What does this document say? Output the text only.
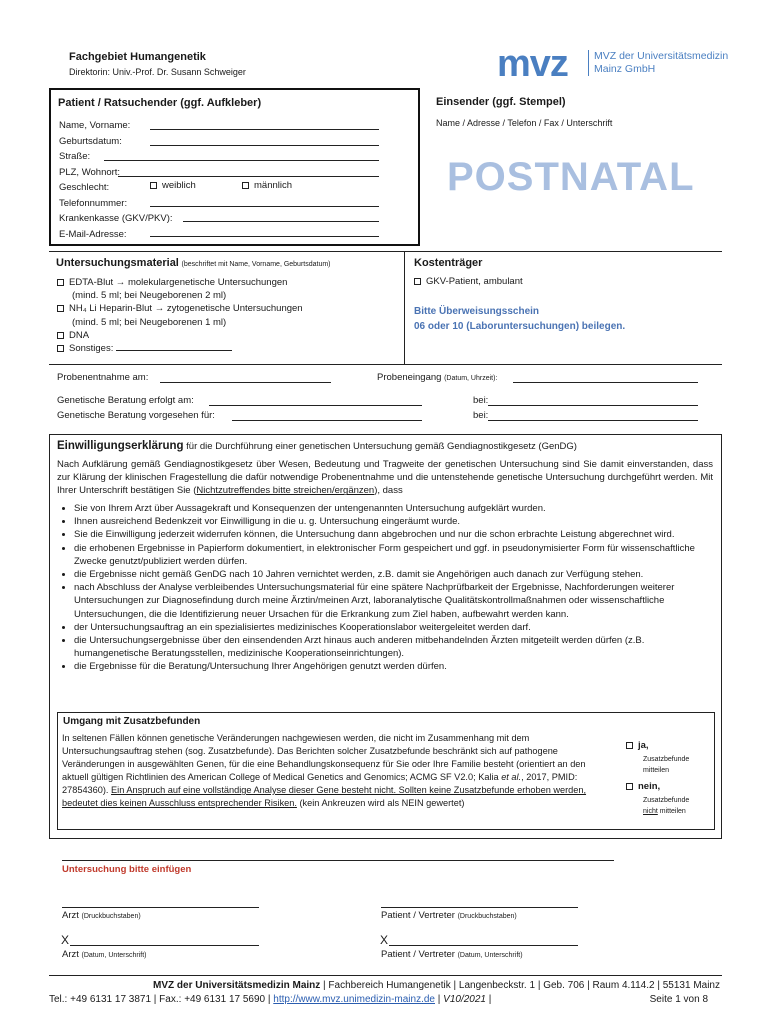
Fachgebiet Humangenetik
Direktorin: Univ.-Prof. Dr. Susann Schweiger	mvz MVZ der Universitätsmedizin
Mainz GmbH
Patient / Ratsuchender (ggf. Aufkleber)
Name, Vorname:
Geburtsdatum:
Straße:
PLZ, Wohnort:
Geschlecht:
Telefonnummer:
Krankenkasse (GKV/PKV):
E-Mail-Adresse:
weiblich	männlich
Einsender (ggf. Stempel)
Name / Adresse / Telefon / Fax / Unterschrift
POSTNATAL
Untersuchungsmaterial (beschriftet mit Name, Vorname, Geburtsdatum)
EDTA-Blut → molekulargenetische Untersuchungen
(mind. 5 ml; bei Neugeborenen 2 ml)
NH₄ Li Heparin-Blut → zytogenetische Untersuchungen
(mind. 5 ml; bei Neugeborenen 1 ml)
DNA
Sonstiges:
Kostenträger
GKV-Patient, ambulant
Bitte Überweisungsschein
06 oder 10 (Laboruntersuchungen) beilegen.
Probenentnahme am:	Probeneingang (Datum, Uhrzeit):
Genetische Beratung erfolgt am:	bei:
Genetische Beratung vorgesehen für:	bei:
Einwilligungserklärung für die Durchführung einer genetischen Untersuchung gemäß Gendiagnostikgesetz (GenDG)
Nach Aufklärung gemäß Gendiagnostikgesetz über Wesen, Bedeutung und Tragweite der genetischen Untersuchung sind Sie damit einverstanden, dass zur Klärung der klinischen Fragestellung die dafür notwendige Probenentnahme und die untenstehende genetische Untersuchung durchgeführt werden. Mit Ihrer Unterschrift bestätigen Sie (Nichtzutreffendes bitte streichen/ergänzen), dass
• Sie von Ihrem Arzt über Aussagekraft und Konsequenzen der untengenannten Untersuchung aufgeklärt wurden.
• Ihnen ausreichend Bedenkzeit vor Einwilligung in die u. g. Untersuchung eingeräumt wurde.
• Sie die Einwilligung jederzeit widerrufen können, die Untersuchung dann abgebrochen und nur die schon erbrachte Leistung abgerechnet wird.
• die erhobenen Ergebnisse in Papierform dokumentiert, in elektronischer Form gespeichert und ggf. in pseudonymisierter Form für wissenschaftliche Zwecke genutzt/publiziert werden dürfen.
• die Ergebnisse nicht gemäß GenDG nach 10 Jahren vernichtet werden, z.B. damit sie Angehörigen auch danach zur Verfügung stehen.
• nach Abschluss der Analyse verbleibendes Untersuchungsmaterial für eine spätere Nachprüfbarkeit der Ergebnisse, Nachforderungen weiterer Untersuchungen zur Diagnosefindung durch meine Ärztin/meinen Arzt, laboranalytische Qualitätskontrollmaßnahmen oder wissenschaftliche Untersuchungen, die die Identifizierung neuer Ursachen für die Erkrankung zum Ziel haben, aufbewahrt werden kann.
• der Untersuchungsauftrag an ein spezialisiertes medizinisches Kooperationslabor weitergeleitet werden darf.
• die Untersuchungsergebnisse über den einsendenden Arzt hinaus auch anderen mitbehandelnden Ärzten mitgeteilt werden dürfen (z.B. humangenetische Beratungsstellen, medizinische Kooperationseinrichtungen).
• die Ergebnisse für die Beratung/Untersuchung Ihrer Angehörigen genutzt werden dürfen.
Umgang mit Zusatzbefunden
In seltenen Fällen können genetische Veränderungen nachgewiesen werden, die nicht im Zusammenhang mit dem Untersuchungsauftrag stehen (sog. Zusatzbefunde). Das Berichten solcher Zusatzbefunde beschränkt sich auf pathogene Veränderungen in ausgewählten Genen, für die eine Behandlungskonsequenz für Sie oder Ihre Familie besteht (orientiert an den aktuell gültigen Richtlinien des American College of Medical Genetics and Genomics; ACMG SF V2.0; Kalia et al., 2017, PMID: 27854360). Ein Anspruch auf eine vollständige Analyse dieser Gene besteht nicht. Sollten keine Zusatzbefunde erhoben werden, bedeutet dies keinen Ausschluss entsprechender Risiken. (kein Ankreuzen wird als NEIN gewertet)
ja,
Zusatzbefunde
mitteilen
nein,
Zusatzbefunde
nicht mitteilen
Untersuchung bitte einfügen
Arzt (Druckbuchstaben)	Patient / Vertreter (Druckbuchstaben)
X
Arzt (Datum, Unterschrift)
X
Patient / Vertreter (Datum, Unterschrift)
MVZ der Universitätsmedizin Mainz | Fachbereich Humangenetik | Langenbeckstr. 1 | Geb. 706 | Raum 4.114.2 | 55131 Mainz
Tel.: +49 6131 17 3871 | Fax.: +49 6131 17 5690 | http://www.mvz.unimedizin-mainz.de | V10/2021 |	Seite 1 von 8
